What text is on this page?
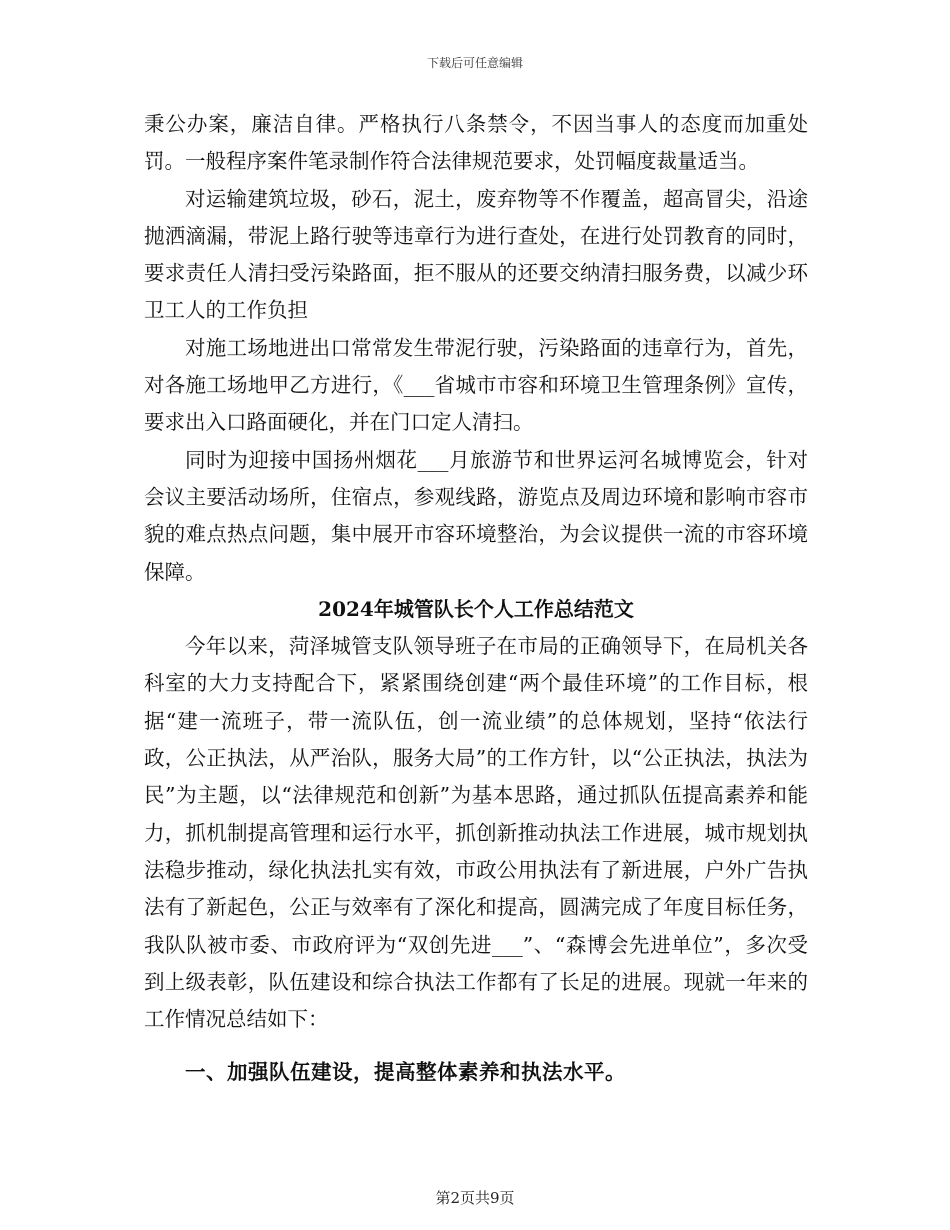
下载后可任意编辑

秉公办案，廉洁自律。严格执行八条禁令，不因当事人的态度而加重处罚。一般程序案件笔录制作符合法律规范要求，处罚幅度裁量适当。

对运输建筑垃圾，砂石，泥土，废弃物等不作覆盖，超高冒尖，沿途抛洒滴漏，带泥上路行驶等违章行为进行查处，在进行处罚教育的同时，要求责任人清扫受污染路面，拒不服从的还要交纳清扫服务费，以减少环卫工人的工作负担

对施工场地进出口常常发生带泥行驶，污染路面的违章行为，首先，对各施工场地甲乙方进行，《___省城市市容和环境卫生管理条例》宣传，要求出入口路面硬化，并在门口定人清扫。

同时为迎接中国扬州烟花___月旅游节和世界运河名城博览会，针对会议主要活动场所，住宿点，参观线路，游览点及周边环境和影响市容市貌的难点热点问题，集中展开市容环境整治，为会议提供一流的市容环境保障。

2024年城管队长个人工作总结范文

今年以来，菏泽城管支队领导班子在市局的正确领导下，在局机关各科室的大力支持配合下，紧紧围绕创建“两个最佳环境”的工作目标，根据“建一流班子，带一流队伍，创一流业绩”的总体规划，坚持“依法行政，公正执法，从严治队，服务大局”的工作方针，以“公正执法，执法为民”为主题，以“法律规范和创新”为基本思路，通过抓队伍提高素养和能力，抓机制提高管理和运行水平，抓创新推动执法工作进展，城市规划执法稳步推动，绿化执法扎实有效，市政公用执法有了新进展，户外广告执法有了新起色，公正与效率有了深化和提高，圆满完成了年度目标任务，我队队被市委、市政府评为“双创先进___”、“森博会先进单位”，多次受到上级表彰，队伍建设和综合执法工作都有了长足的进展。现就一年来的工作情况总结如下：

一、加强队伍建设，提高整体素养和执法水平。

第2页共9页
